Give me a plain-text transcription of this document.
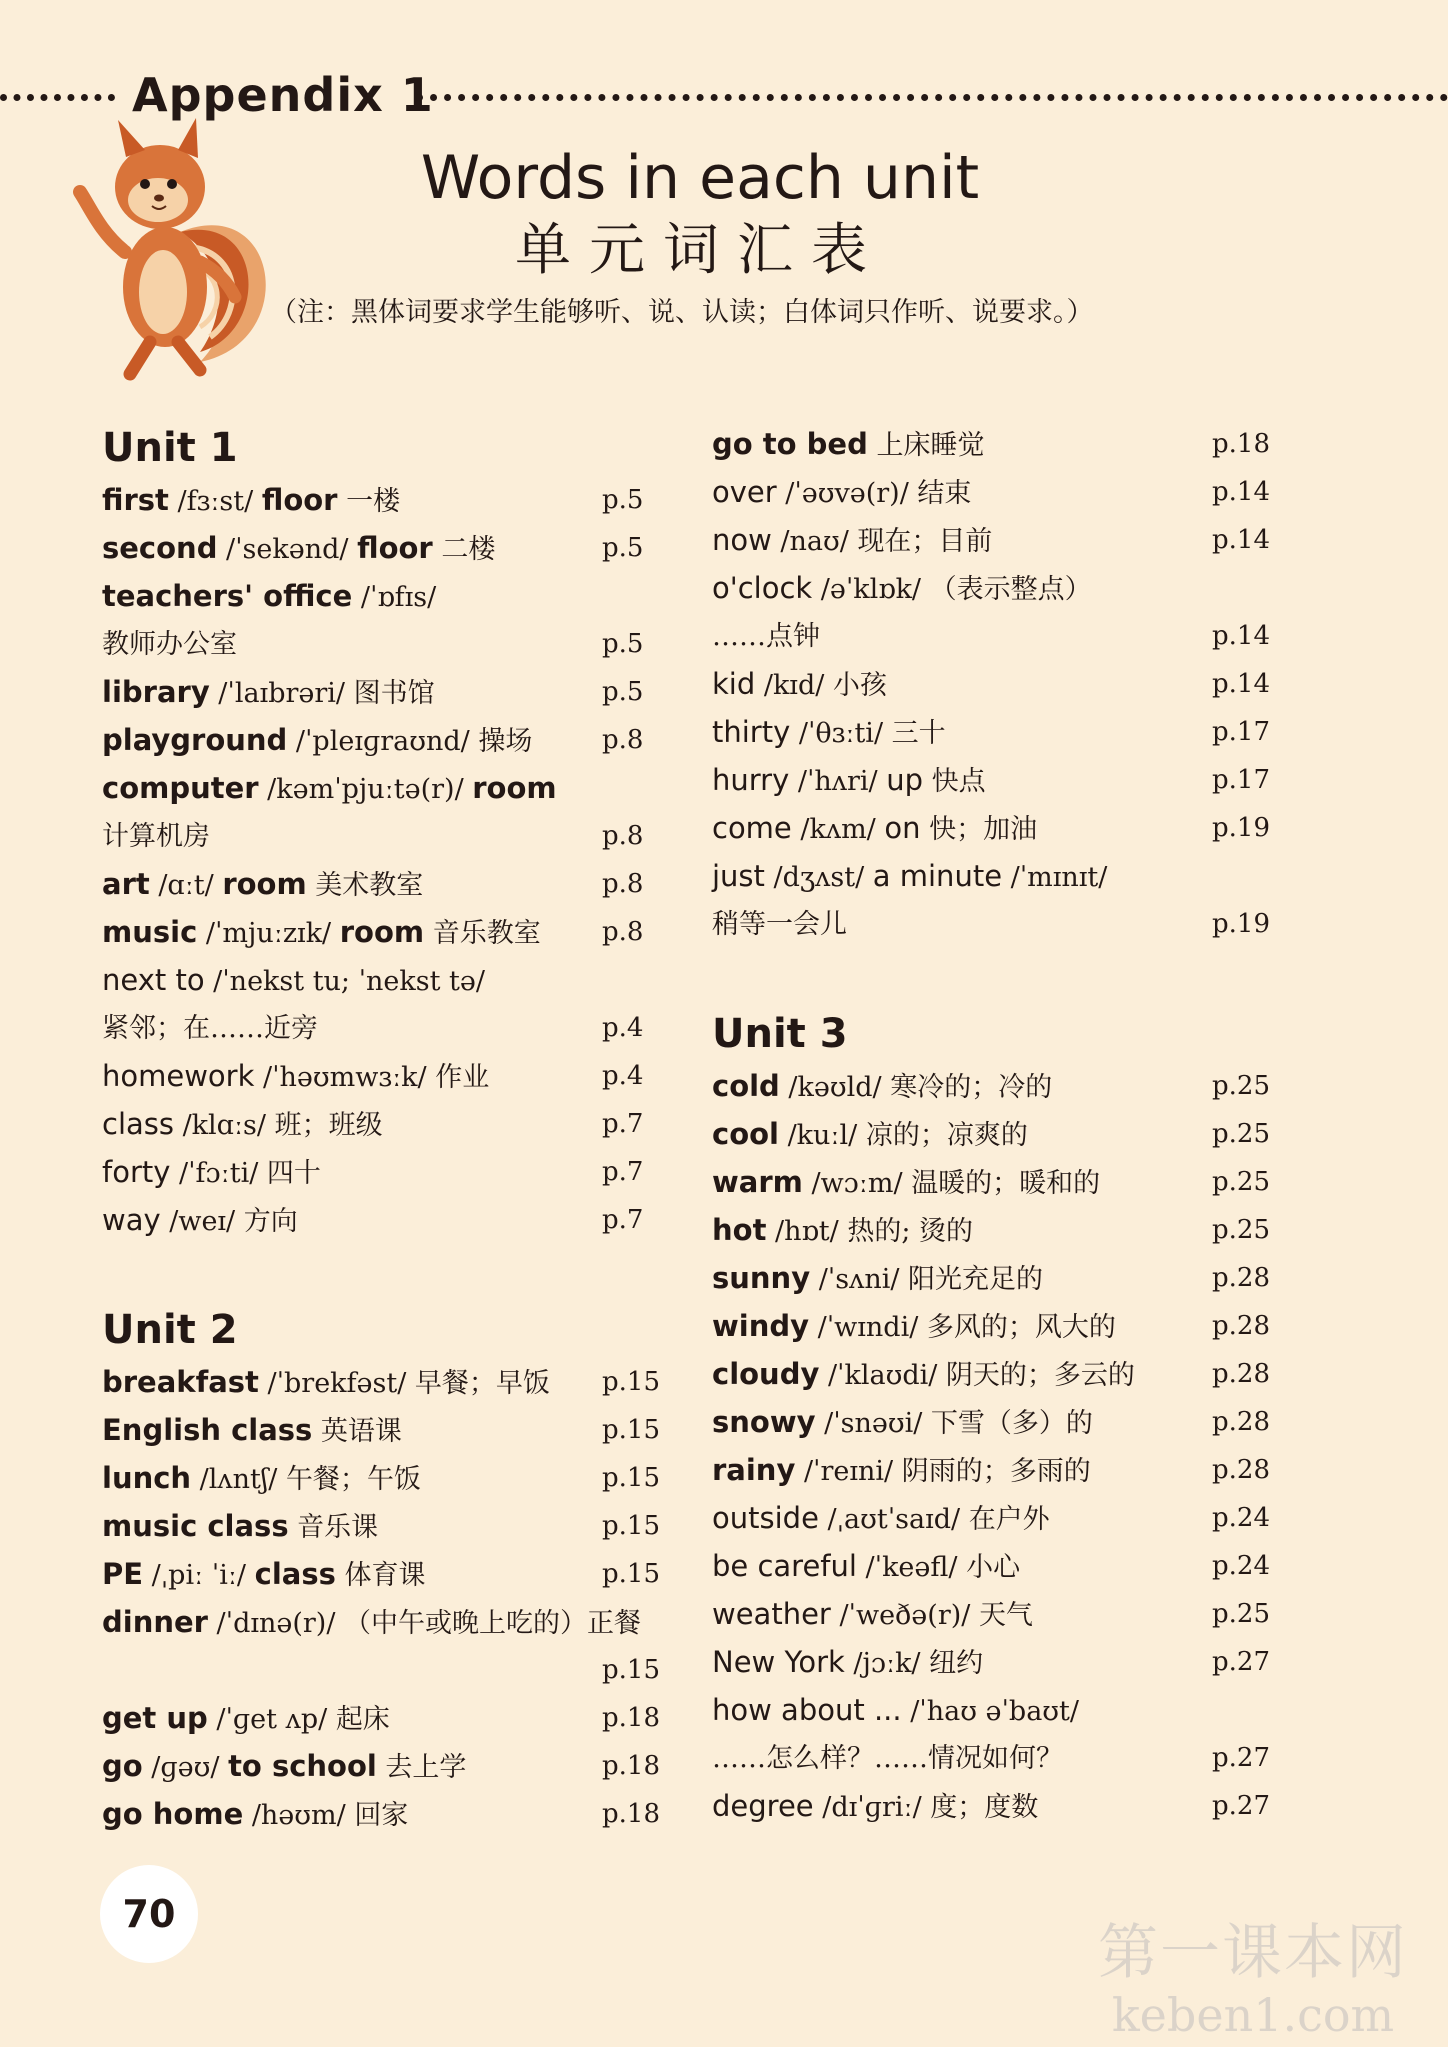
Appendix 1
Words in each unit
单元词汇表
（注：黑体词要求学生能够听、说、认读；白体词只作听、说要求。）
Unit 1
first /fɜːst/ floor 一楼	p.5
second /ˈsekənd/ floor 二楼	p.5
teachers' office /ˈɒfɪs/
教师办公室	p.5
library /ˈlaɪbrəri/ 图书馆	p.5
playground /ˈpleɪɡraʊnd/ 操场	p.8
computer /kəmˈpjuːtə(r)/ room
计算机房	p.8
art /ɑːt/ room 美术教室	p.8
music /ˈmjuːzɪk/ room 音乐教室 p.8
next to /ˈnekst tu; ˈnekst tə/
紧邻；在……近旁	p.4
homework /ˈhəʊmwɜːk/ 作业	p.4
class /klɑːs/ 班；班级	p.7
forty /ˈfɔːti/ 四十	p.7
way /weɪ/ 方向	p.7
Unit 2
breakfast /ˈbrekfəst/ 早餐；早饭 p.15
English class 英语课	p.15
lunch /lʌntʃ/ 午餐；午饭	p.15
music class 音乐课	p.15
PE /ˌpiː ˈiː/ class 体育课	p.15
dinner /ˈdɪnə(r)/ （中午或晚上吃的）正餐
p.15
get up /ˈɡet ʌp/ 起床	p.18
go /ɡəʊ/ to school 去上学	p.18
go home /həʊm/ 回家	p.18
go to bed 上床睡觉	p.18
over /ˈəʊvə(r)/ 结束	p.14
now /naʊ/ 现在；目前	p.14
o'clock /əˈklɒk/ （表示整点）
……点钟	p.14
kid /kɪd/ 小孩	p.14
thirty /ˈθɜːti/ 三十	p.17
hurry /ˈhʌri/ up 快点	p.17
come /kʌm/ on 快；加油	p.19
just /dʒʌst/ a minute /ˈmɪnɪt/
稍等一会儿	p.19
Unit 3
cold /kəʊld/ 寒冷的；冷的	p.25
cool /kuːl/ 凉的；凉爽的	p.25
warm /wɔːm/ 温暖的；暖和的	p.25
hot /hɒt/ 热的; 烫的	p.25
sunny /ˈsʌni/ 阳光充足的	p.28
windy /ˈwɪndi/ 多风的；风大的	p.28
cloudy /ˈklaʊdi/ 阴天的；多云的	p.28
snowy /ˈsnəʊi/ 下雪（多）的	p.28
rainy /ˈreɪni/ 阴雨的；多雨的	p.28
outside /ˌaʊtˈsaɪd/ 在户外	p.24
be careful /ˈkeəfl/ 小心	p.24
weather /ˈweðə(r)/ 天气	p.25
New York /jɔːk/ 纽约	p.27
how about ... /ˈhaʊ əˈbaʊt/
……怎么样？……情况如何？	p.27
degree /dɪˈɡriː/ 度；度数	p.27
70
第一课本网
keben1.com
